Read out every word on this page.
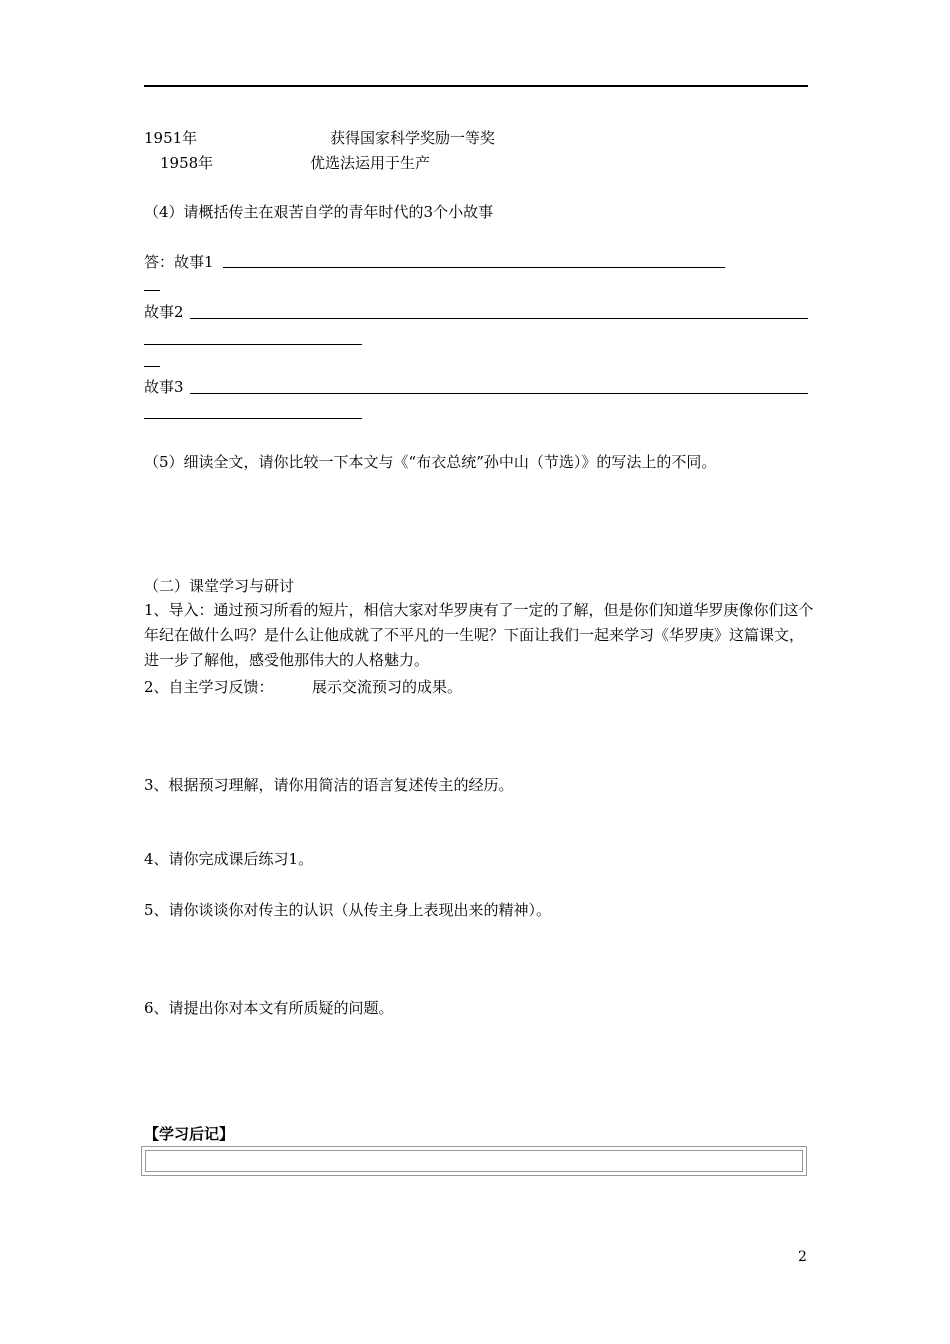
1951年	获得国家科学奖励一等奖
1958年	优选法运用于生产
（4）请概括传主在艰苦自学的青年时代的3个小故事
答：故事1
故事2
故事3
（5）细读全文，请你比较一下本文与《“布衣总统”孙中山（节选）》的写法上的不同。
（二）课堂学习与研讨
1、导入：通过预习所看的短片，相信大家对华罗庚有了一定的了解，但是你们知道华罗庚像你们这个年纪在做什么吗？是什么让他成就了不平凡的一生呢？下面让我们一起来学习《华罗庚》这篇课文，进一步了解他，感受他那伟大的人格魅力。
2、自主学习反馈：	展示交流预习的成果。
3、根据预习理解，请你用简洁的语言复述传主的经历。
4、请你完成课后练习1。
5、请你谈谈你对传主的认识（从传主身上表现出来的精神）。
6、请提出你对本文有所质疑的问题。
【学习后记】
2
